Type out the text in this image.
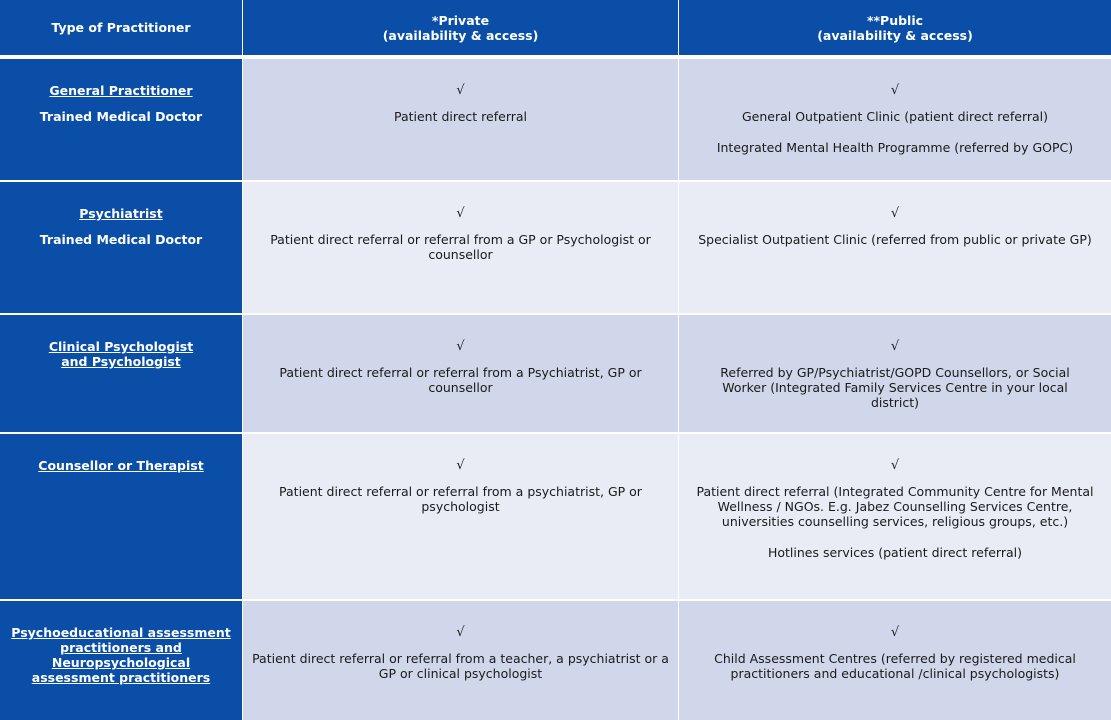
Type of Practitioner	*Private
(availability & access)
**Public
(availability & access)
General Practitioner
Trained Medical Doctor
√
Patient direct referral
√
General Outpatient Clinic (patient direct referral)
Integrated Mental Health Programme (referred by GOPC)
Psychiatrist
Trained Medical Doctor
√
Patient direct referral or referral from a GP or Psychologist or counsellor
√
Specialist Outpatient Clinic (referred from public or private GP)
Clinical Psychologist and Psychologist
√
Patient direct referral or referral from a Psychiatrist, GP or counsellor
√
Referred by GP/Psychiatrist/GOPD Counsellors, or Social Worker (Integrated Family Services Centre in your local district)
Counsellor or Therapist	√
Patient direct referral or referral from a psychiatrist, GP or psychologist
√
Patient direct referral (Integrated Community Centre for Mental Wellness / NGOs. E.g. Jabez Counselling Services Centre, universities counselling services, religious groups, etc.)
Hotlines services (patient direct referral)
Psychoeducational assessment practitioners and Neuropsychological assessment practitioners
√
Patient direct referral or referral from a teacher, a psychiatrist or a GP or clinical psychologist
√
Child Assessment Centres (referred by registered medical practitioners and educational /clinical psychologists)
